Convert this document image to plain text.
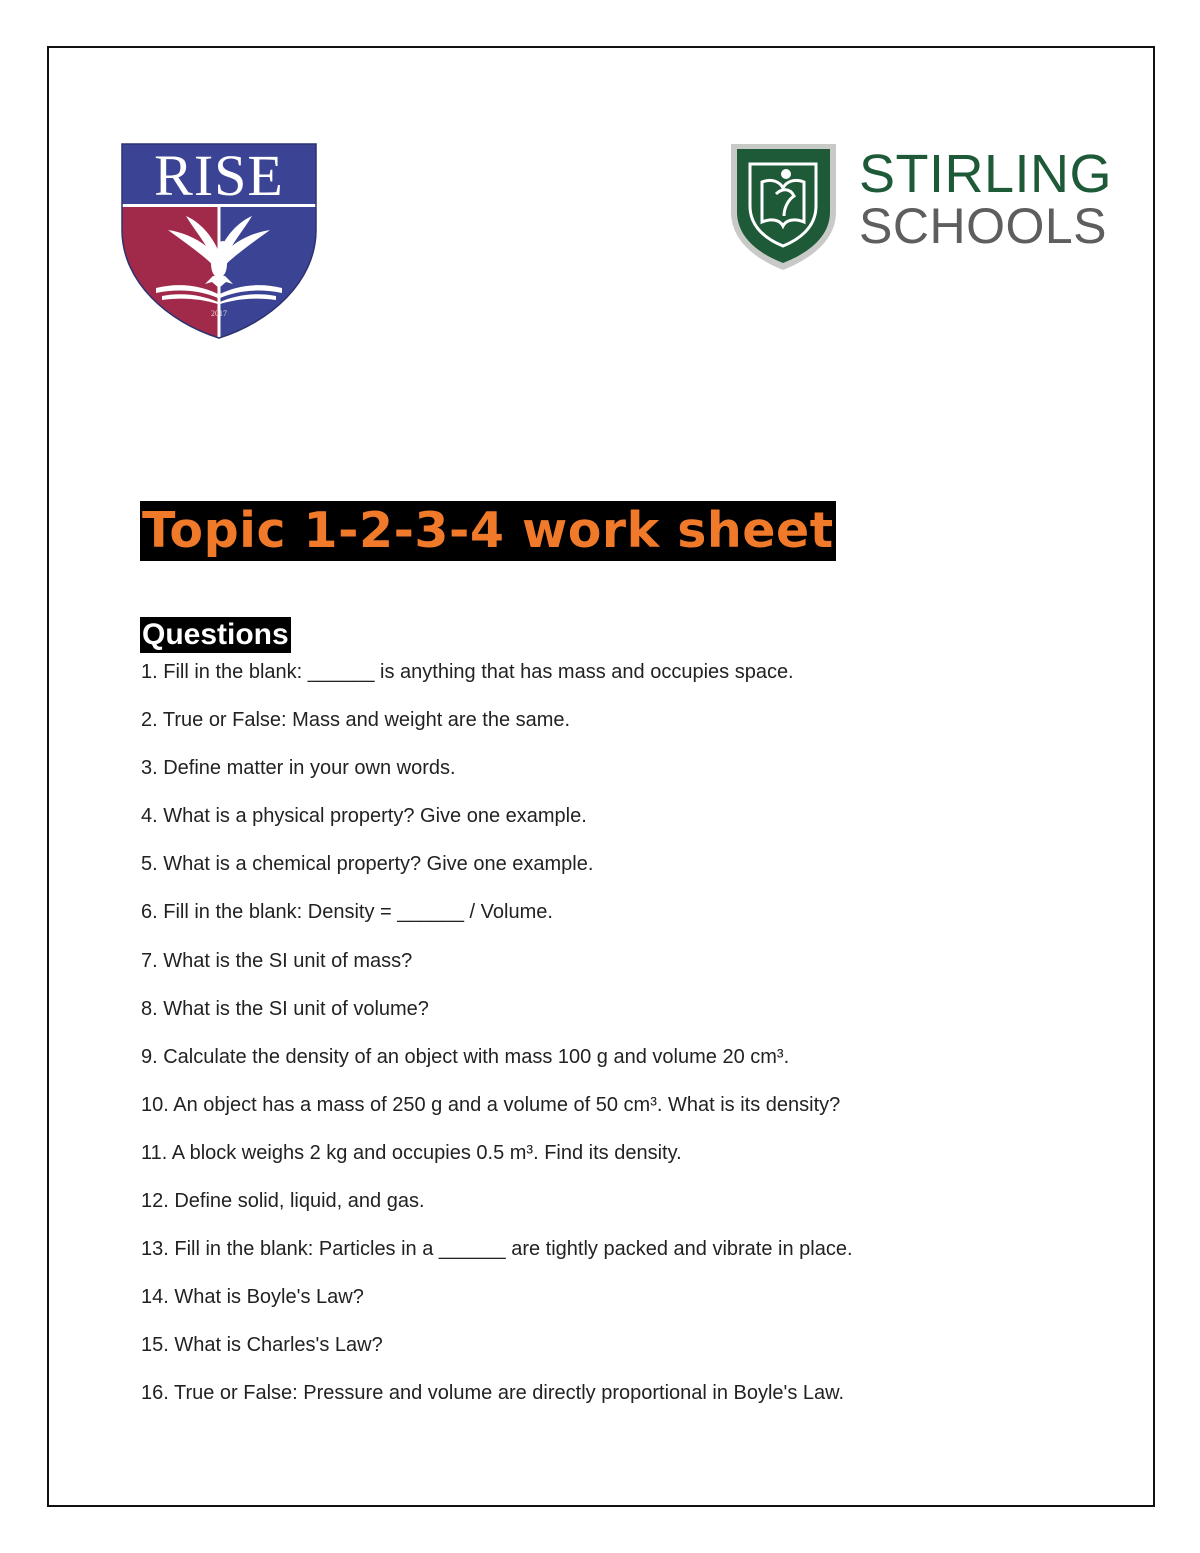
RISE
2017
STIRLING
SCHOOLS
Topic 1-2-3-4 work sheet
Questions
1. Fill in the blank: ______ is anything that has mass and occupies space.
2. True or False: Mass and weight are the same.
3. Define matter in your own words.
4. What is a physical property? Give one example.
5. What is a chemical property? Give one example.
6. Fill in the blank: Density = ______ / Volume.
7. What is the SI unit of mass?
8. What is the SI unit of volume?
9. Calculate the density of an object with mass 100 g and volume 20 cm³.
10. An object has a mass of 250 g and a volume of 50 cm³. What is its density?
11. A block weighs 2 kg and occupies 0.5 m³. Find its density.
12. Define solid, liquid, and gas.
13. Fill in the blank: Particles in a ______ are tightly packed and vibrate in place.
14. What is Boyle's Law?
15. What is Charles's Law?
16. True or False: Pressure and volume are directly proportional in Boyle's Law.
